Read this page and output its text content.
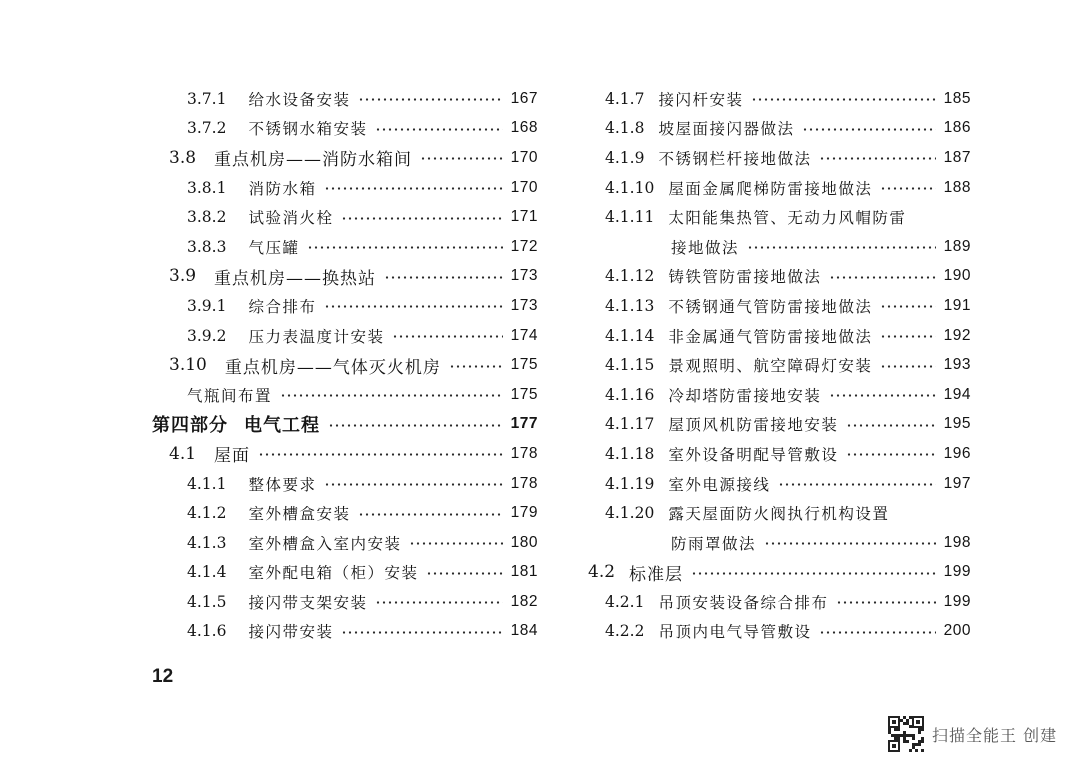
3.7.1 给水设备安装	167
3.7.2 不锈钢水箱安装	168
3.8 重点机房——消防水箱间	170
3.8.1 消防水箱	170
3.8.2 试验消火栓	171
3.8.3 气压罐	172
3.9 重点机房——换热站	173
3.9.1 综合排布	173
3.9.2 压力表温度计安装	174
3.10 重点机房——气体灭火机房	175
气瓶间布置	175
第四部分 电气工程	177
4.1 屋面	178
4.1.1 整体要求	178
4.1.2 室外槽盒安装	179
4.1.3 室外槽盒入室内安装	180
4.1.4 室外配电箱（柜）安装	181
4.1.5 接闪带支架安装	182
4.1.6 接闪带安装	184
4.1.7 接闪杆安装	185
4.1.8 坡屋面接闪器做法	186
4.1.9 不锈钢栏杆接地做法	187
4.1.10 屋面金属爬梯防雷接地做法	188
4.1.11 太阳能集热管、无动力风帽防雷
接地做法	189
4.1.12 铸铁管防雷接地做法	190
4.1.13 不锈钢通气管防雷接地做法	191
4.1.14 非金属通气管防雷接地做法	192
4.1.15 景观照明、航空障碍灯安装	193
4.1.16 冷却塔防雷接地安装	194
4.1.17 屋顶风机防雷接地安装	195
4.1.18 室外设备明配导管敷设	196
4.1.19 室外电源接线	197
4.1.20 露天屋面防火阀执行机构设置
防雨罩做法	198
4.2 标准层	199
4.2.1 吊顶安装设备综合排布	199
4.2.2 吊顶内电气导管敷设	200
12
扫描全能王 创建
